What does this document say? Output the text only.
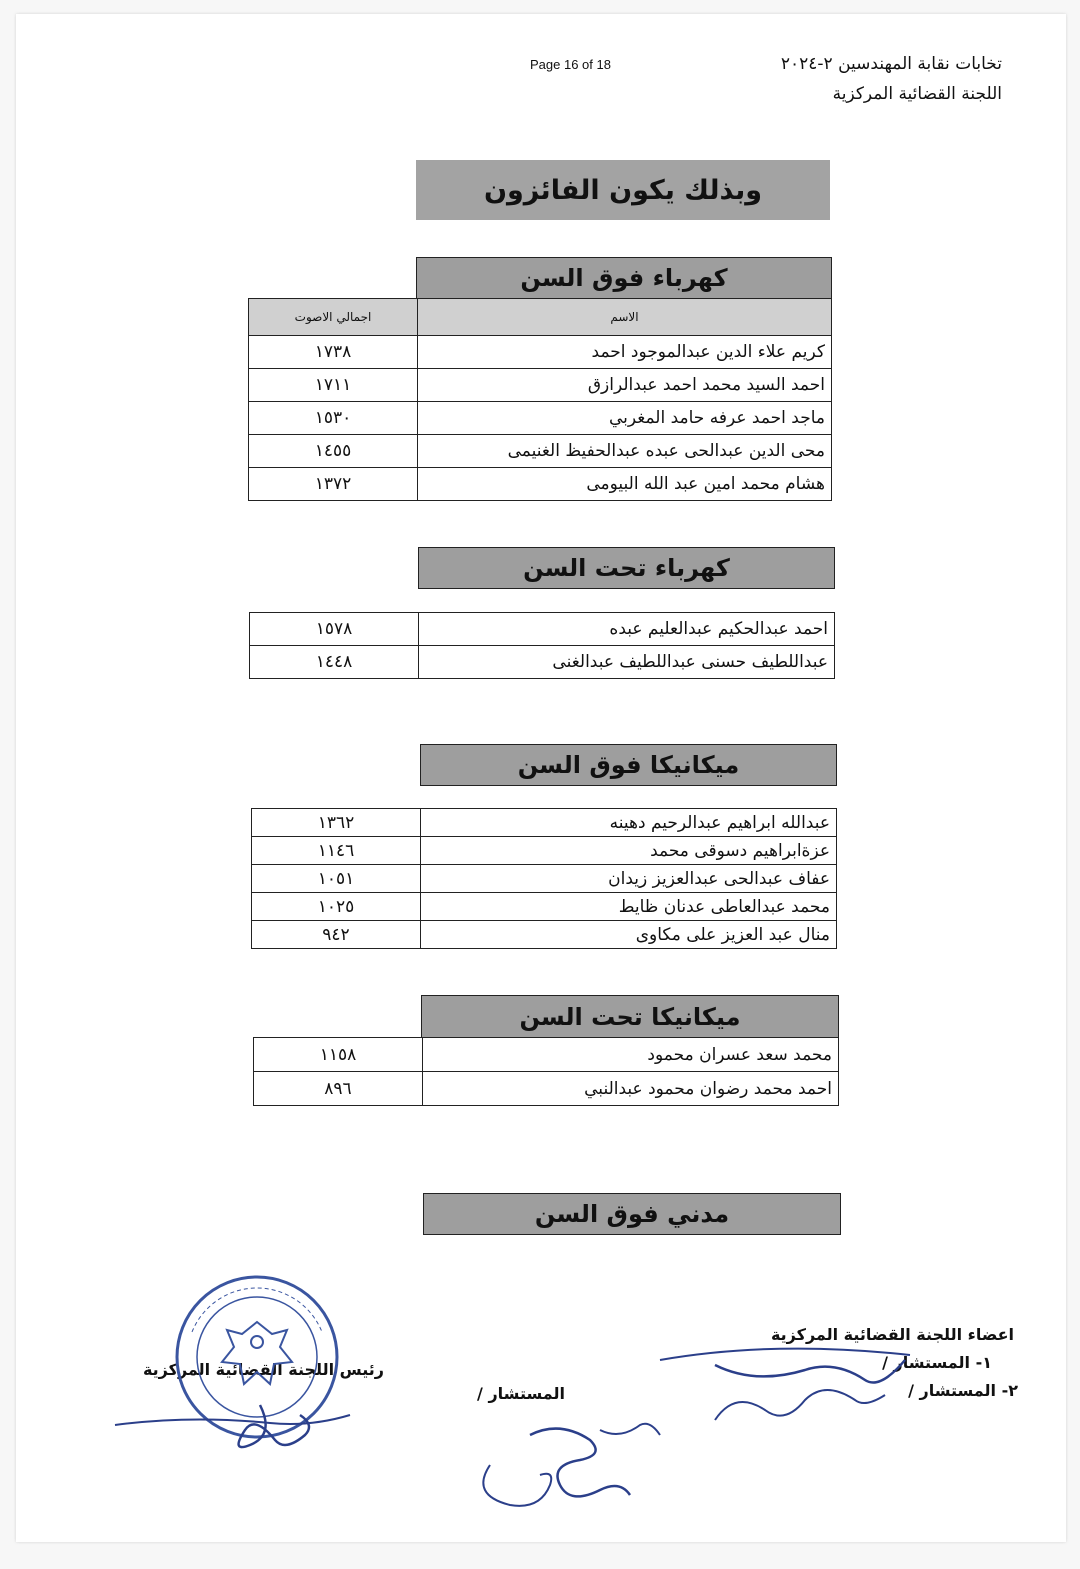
Page 16 of 18	تخابات نقابة المهندسين ٢-٢٠٢٤
اللجنة القضائية المركزية
وبذلك يكون الفائزون
كهرباء فوق السن
الاسم	اجمالي الاصوت
كريم علاء الدين عبدالموجود احمد	١٧٣٨
احمد السيد محمد احمد عبدالرازق	١٧١١
ماجد احمد عرفه حامد المغربي	١٥٣٠
محى الدين عبدالحى عبده عبدالحفيظ الغنيمى	١٤٥٥
هشام محمد امين عبد الله البيومى	١٣٧٢
كهرباء تحت السن
احمد عبدالحكيم عبدالعليم عبده	١٥٧٨
عبداللطيف حسنى عبداللطيف عبدالغنى	١٤٤٨
ميكانيكا فوق السن
عبدالله ابراهيم عبدالرحيم دهينه	١٣٦٢
عزةابراهيم دسوقى محمد	١١٤٦
عفاف عبدالحى عبدالعزيز زيدان	١٠٥١
محمد عبدالعاطى عدنان ظايط	١٠٢٥
منال عبد العزيز على مكاوى	٩٤٢
ميكانيكا تحت السن
محمد سعد عسران محمود	١١٥٨
احمد محمد رضوان محمود عبدالنبي	٨٩٦
مدني فوق السن
اعضاء اللجنة القضائية المركزية
١- المستشار /
٢- المستشار /
المستشار /
رئيس اللجنة القضائية المركزية
